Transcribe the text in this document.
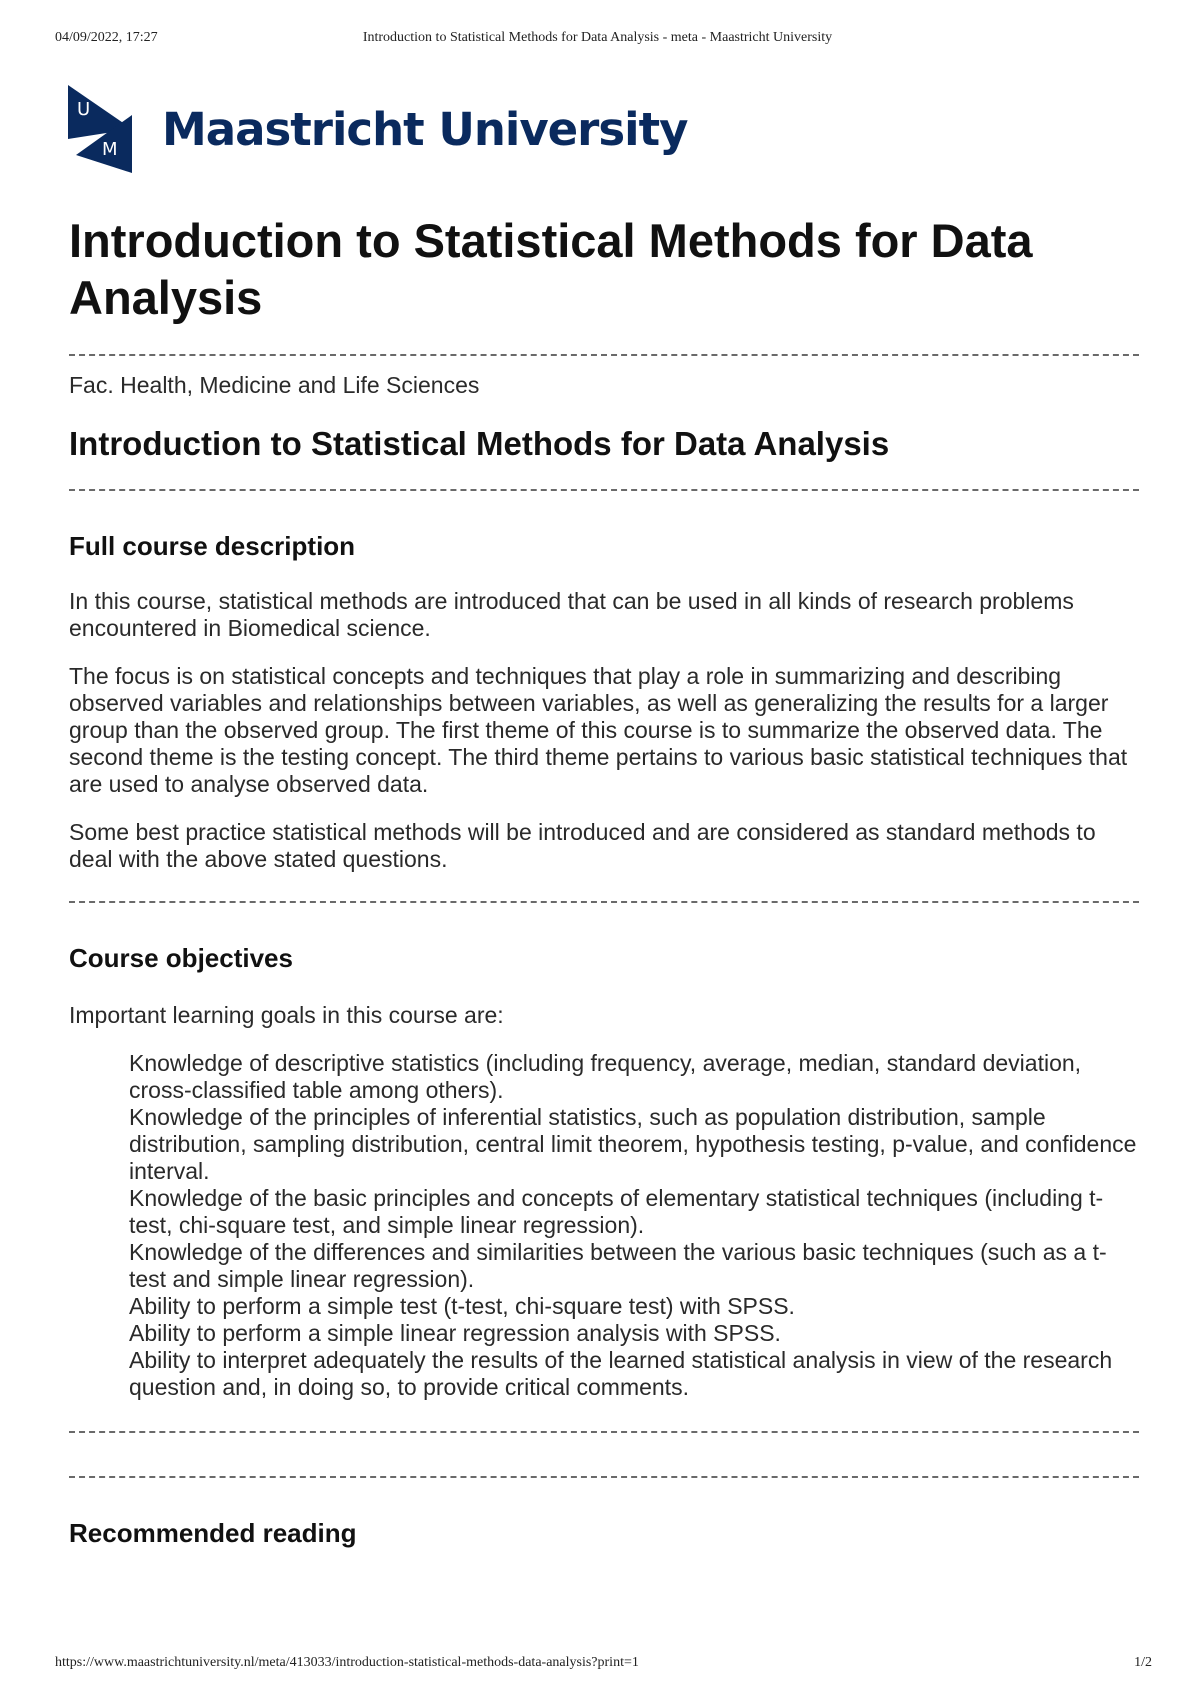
04/09/2022, 17:27	Introduction to Statistical Methods for Data Analysis - meta - Maastricht University
U
M Maastricht University
Introduction to Statistical Methods for Data Analysis
Fac. Health, Medicine and Life Sciences
Introduction to Statistical Methods for Data Analysis
Full course description

In this course, statistical methods are introduced that can be used in all kinds of research problems encountered in Biomedical science.

The focus is on statistical concepts and techniques that play a role in summarizing and describing observed variables and relationships between variables, as well as generalizing the results for a larger group than the observed group. The first theme of this course is to summarize the observed data. The second theme is the testing concept. The third theme pertains to various basic statistical techniques that are used to analyse observed data.

Some best practice statistical methods will be introduced and are considered as standard methods to deal with the above stated questions.

Course objectives

Important learning goals in this course are:

Knowledge of descriptive statistics (including frequency, average, median, standard deviation, cross-classified table among others).
Knowledge of the principles of inferential statistics, such as population distribution, sample distribution, sampling distribution, central limit theorem, hypothesis testing, p-value, and confidence interval.
Knowledge of the basic principles and concepts of elementary statistical techniques (including t-test, chi-square test, and simple linear regression).
Knowledge of the differences and similarities between the various basic techniques (such as a t-test and simple linear regression).
Ability to perform a simple test (t-test, chi-square test) with SPSS.
Ability to perform a simple linear regression analysis with SPSS.
Ability to interpret adequately the results of the learned statistical analysis in view of the research question and, in doing so, to provide critical comments.
Recommended reading
https://www.maastrichtuniversity.nl/meta/413033/introduction-statistical-methods-data-analysis?print=1	1/2
